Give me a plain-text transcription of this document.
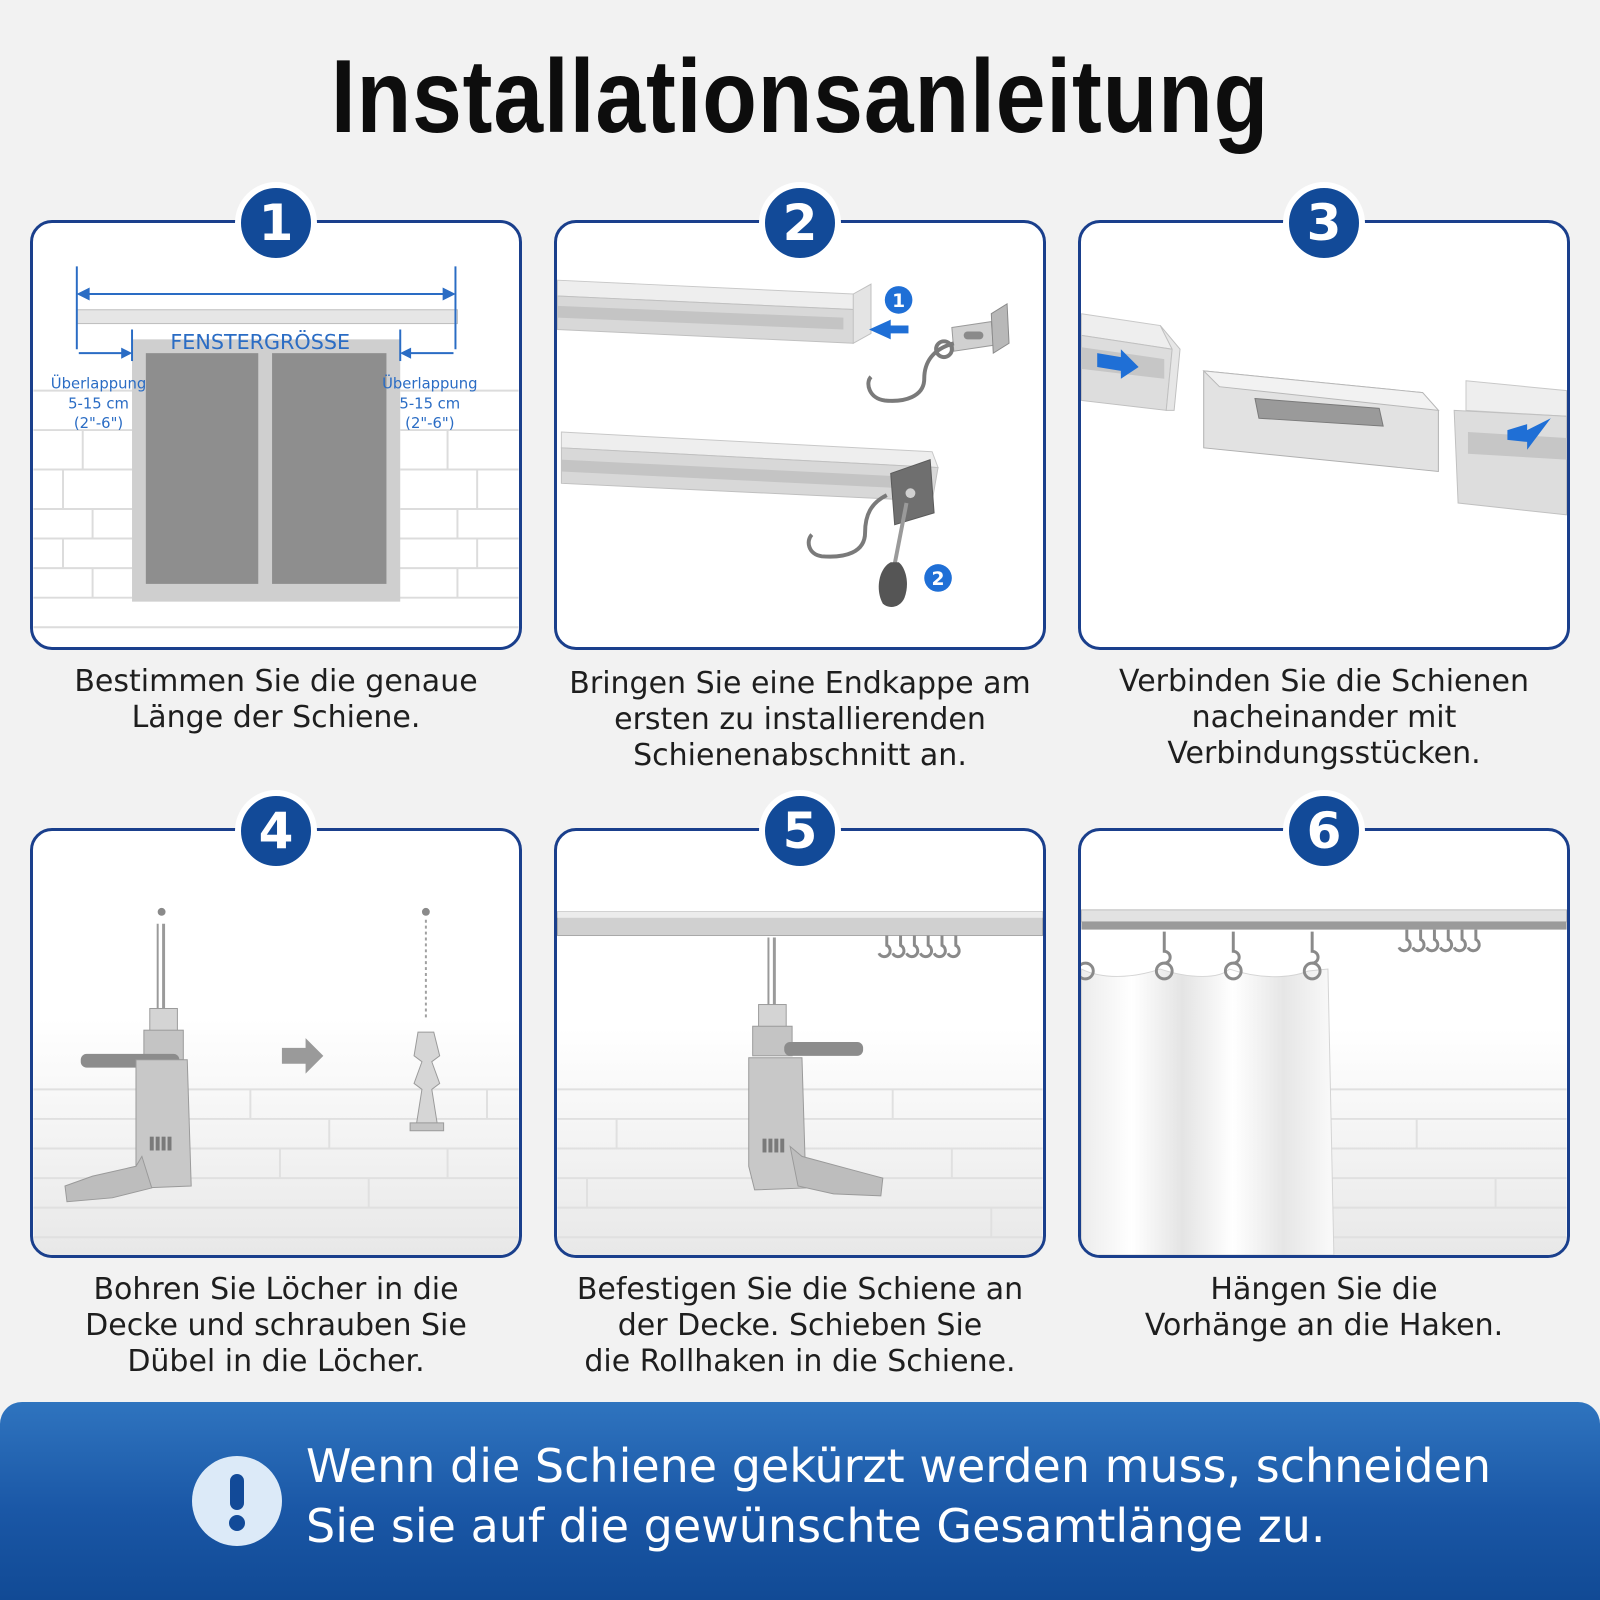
Installationsanleitung
FENSTERGRÖSSE
Überlappung
5-15 cm
(2"-6")
Überlappung
5-15 cm
(2"-6")
1
Bestimmen Sie die genaue
Länge der Schiene.
1
2
2
Bringen Sie eine Endkappe am
ersten zu installierenden
Schienenabschnitt an.
3
Verbinden Sie die Schienen
nacheinander mit
Verbindungsstücken.
4
Bohren Sie Löcher in die
Decke und schrauben Sie
Dübel in die Löcher.
5
Befestigen Sie die Schiene an
der Decke. Schieben Sie
die Rollhaken in die Schiene.
6
Hängen Sie die
Vorhänge an die Haken.
Wenn die Schiene gekürzt werden muss, schneiden
Sie sie auf die gewünschte Gesamtlänge zu.
